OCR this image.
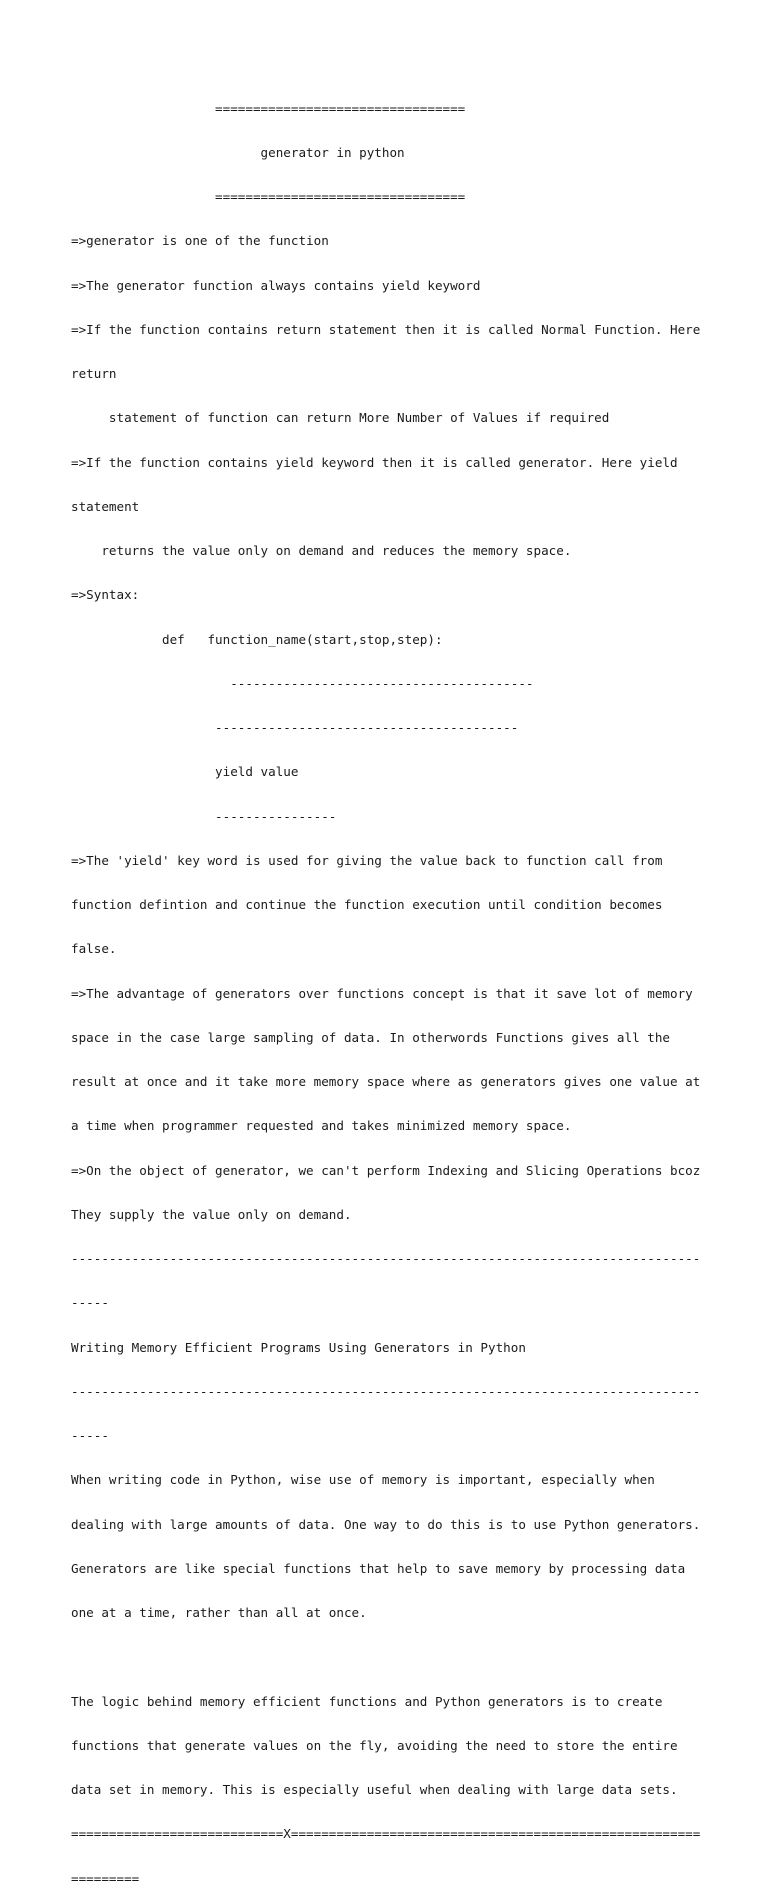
=================================

generator in python

=================================

=>generator is one of the function

=>The generator function always contains yield keyword

=>If the function contains return statement then it is called Normal Function. Here

return

statement of function can return More Number of Values if required

=>If the function contains yield keyword then it is called generator. Here yield

statement

returns the value only on demand and reduces the memory space.

=>Syntax:

def   function_name(start,stop,step):

----------------------------------------

----------------------------------------

yield value

----------------

=>The 'yield' key word is used for giving the value back to function call from

function defintion and continue the function execution until condition becomes

false.

=>The advantage of generators over functions concept is that it save lot of memory

space in the case large sampling of data. In otherwords Functions gives all the

result at once and it take more memory space where as generators gives one value at

a time when programmer requested and takes minimized memory space.

=>On the object of generator, we can't perform Indexing and Slicing Operations bcoz

They supply the value only on demand.

-----------------------------------------------------------------------------------

-----

Writing Memory Efficient Programs Using Generators in Python

-----------------------------------------------------------------------------------

-----

When writing code in Python, wise use of memory is important, especially when

dealing with large amounts of data. One way to do this is to use Python generators.

Generators are like special functions that help to save memory by processing data

one at a time, rather than all at once.

The logic behind memory efficient functions and Python generators is to create

functions that generate values on the fly, avoiding the need to store the entire

data set in memory. This is especially useful when dealing with large data sets.

============================X======================================================

=========
